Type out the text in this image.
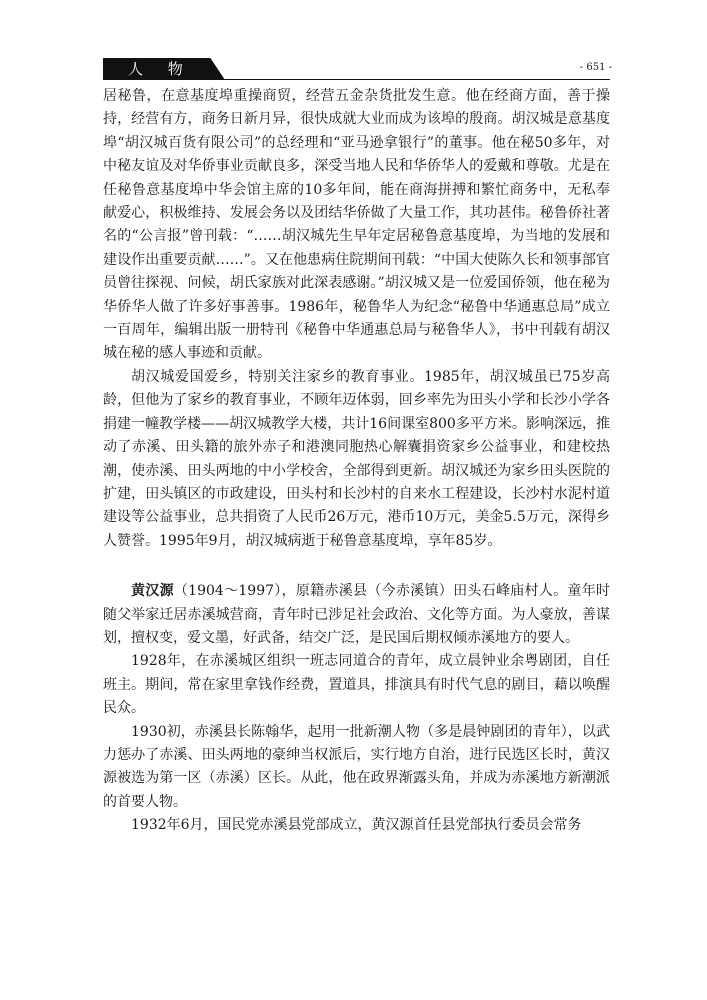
人 物	- 651 -

居秘鲁，在意基度埠重操商贸，经营五金杂货批发生意。他在经商方面，善于操持，经营有方，商务日新月异，很快成就大业而成为该埠的殷商。胡汉城是意基度埠“胡汉城百货有限公司”的总经理和“亚马逊拿银行”的董事。他在秘50多年，对中秘友谊及对华侨事业贡献良多，深受当地人民和华侨华人的爱戴和尊敬。尤是在任秘鲁意基度埠中华会馆主席的10多年间，能在商海拼搏和繁忙商务中，无私奉献爱心，积极维持、发展会务以及团结华侨做了大量工作，其功甚伟。秘鲁侨社著名的“公言报”曾刊载：“……胡汉城先生早年定居秘鲁意基度埠，为当地的发展和建设作出重要贡献……”。又在他患病住院期间刊载：“中国大使陈久长和领事部官员曾往探视、问候，胡氏家族对此深表感谢。”胡汉城又是一位爱国侨领，他在秘为华侨华人做了许多好事善事。1986年，秘鲁华人为纪念“秘鲁中华通惠总局”成立一百周年，编辑出版一册特刊《秘鲁中华通惠总局与秘鲁华人》，书中刊载有胡汉城在秘的感人事迹和贡献。

胡汉城爱国爱乡，特别关注家乡的教育事业。1985年，胡汉城虽已75岁高龄，但他为了家乡的教育事业，不顾年迈体弱，回乡率先为田头小学和长沙小学各捐建一幢教学楼——胡汉城教学大楼，共计16间课室800多平方米。影响深远，推动了赤溪、田头籍的旅外赤子和港澳同胞热心解囊捐资家乡公益事业，和建校热潮，使赤溪、田头两地的中小学校舍，全部得到更新。胡汉城还为家乡田头医院的扩建，田头镇区的市政建设，田头村和长沙村的自来水工程建设，长沙村水泥村道建设等公益事业，总共捐资了人民币26万元，港币10万元，美金5.5万元，深得乡人赞誉。1995年9月，胡汉城病逝于秘鲁意基度埠，享年85岁。

黄汉源（1904～1997），原籍赤溪县（今赤溪镇）田头石峰庙村人。童年时随父举家迁居赤溪城营商，青年时已涉足社会政治、文化等方面。为人豪放，善谋划，擅权变，爱文墨，好武备，结交广泛，是民国后期权倾赤溪地方的要人。

1928年，在赤溪城区组织一班志同道合的青年，成立晨钟业余粤剧团，自任班主。期间，常在家里拿钱作经费，置道具，排演具有时代气息的剧目，藉以唤醒民众。

1930初，赤溪县长陈翰华，起用一批新潮人物（多是晨钟剧团的青年），以武力惩办了赤溪、田头两地的豪绅当权派后，实行地方自治，进行民选区长时，黄汉源被选为第一区（赤溪）区长。从此，他在政界渐露头角，并成为赤溪地方新潮派的首要人物。

1932年6月，国民党赤溪县党部成立，黄汉源首任县党部执行委员会常务
